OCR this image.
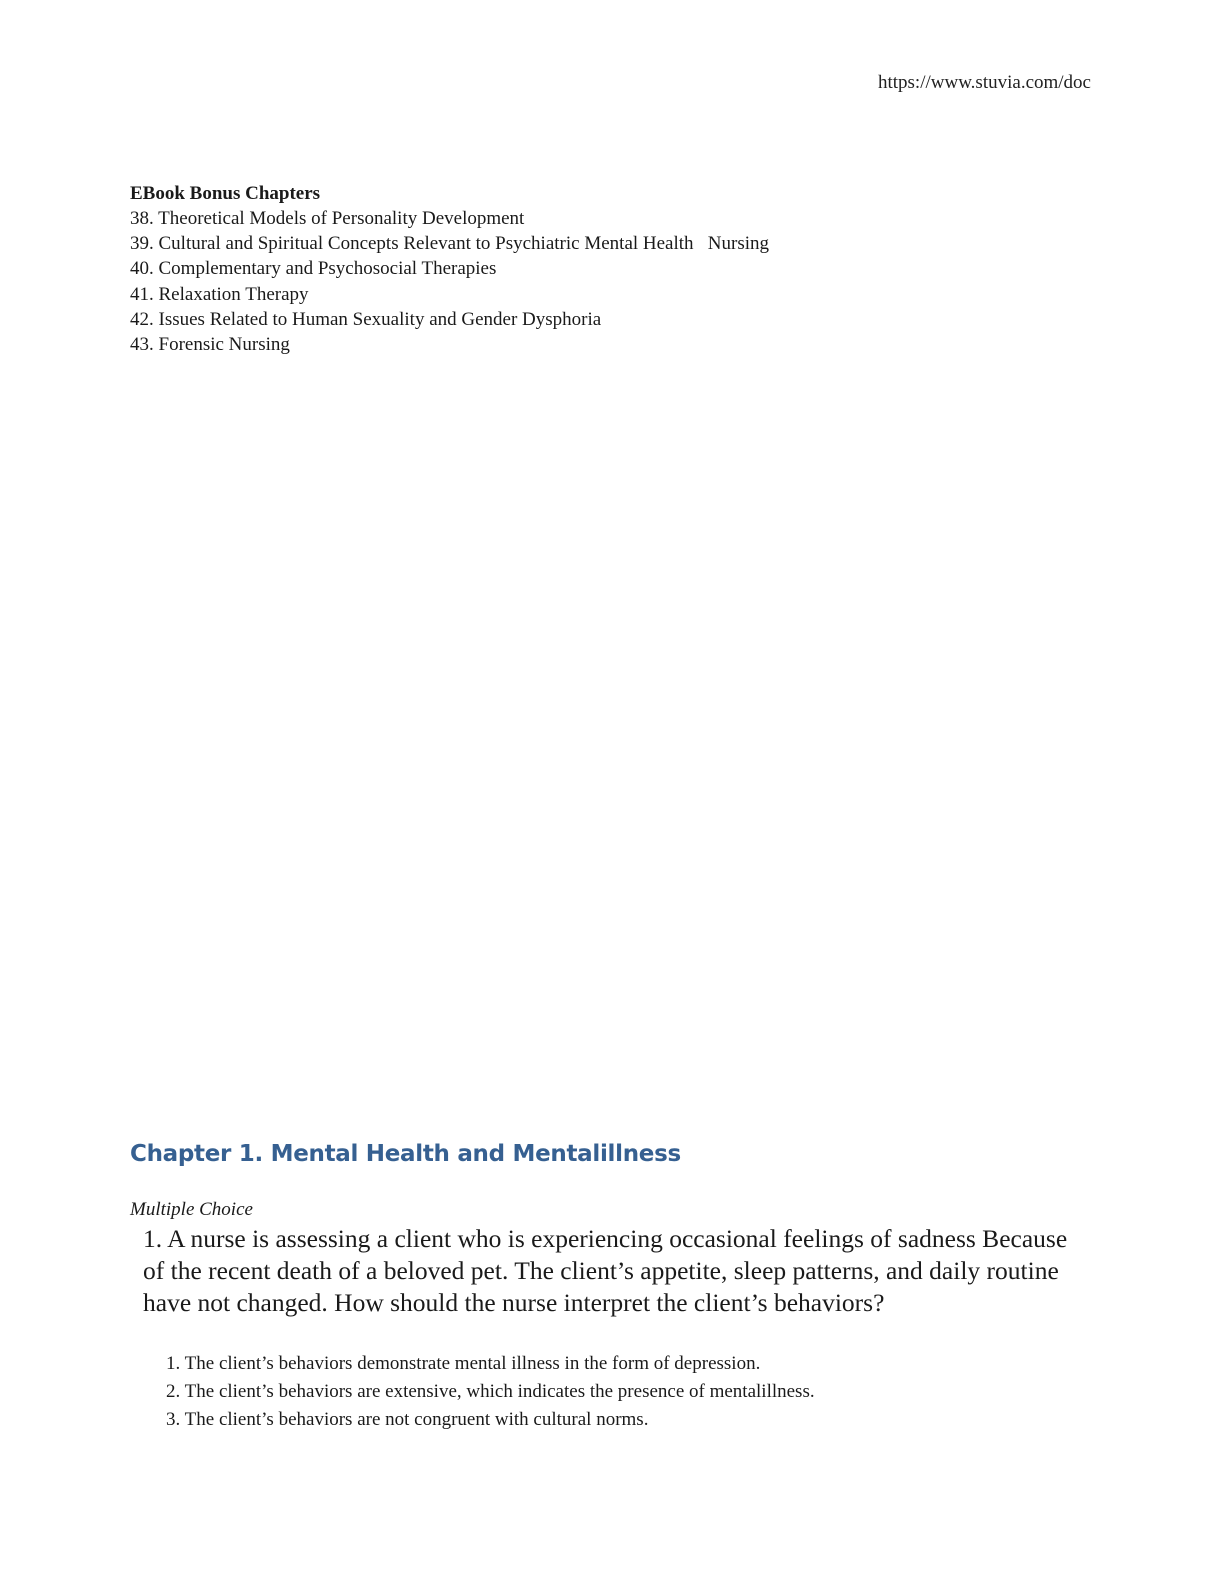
https://www.stuvia.com/doc

EBook Bonus Chapters

38. Theoretical Models of Personality Development
39. Cultural and Spiritual Concepts Relevant to Psychiatric Mental Health   Nursing
40. Complementary and Psychosocial Therapies
41. Relaxation Therapy
42. Issues Related to Human Sexuality and Gender Dysphoria
43. Forensic Nursing
Chapter 1. Mental Health and Mentalillness

Multiple Choice

1. A nurse is assessing a client who is experiencing occasional feelings of sadness Because of the recent death of a beloved pet. The client’s appetite, sleep patterns, and daily routine have not changed. How should the nurse interpret the client’s behaviors?

1. The client’s behaviors demonstrate mental illness in the form of depression.
2. The client’s behaviors are extensive, which indicates the presence of mentalillness.
3. The client’s behaviors are not congruent with cultural norms.
